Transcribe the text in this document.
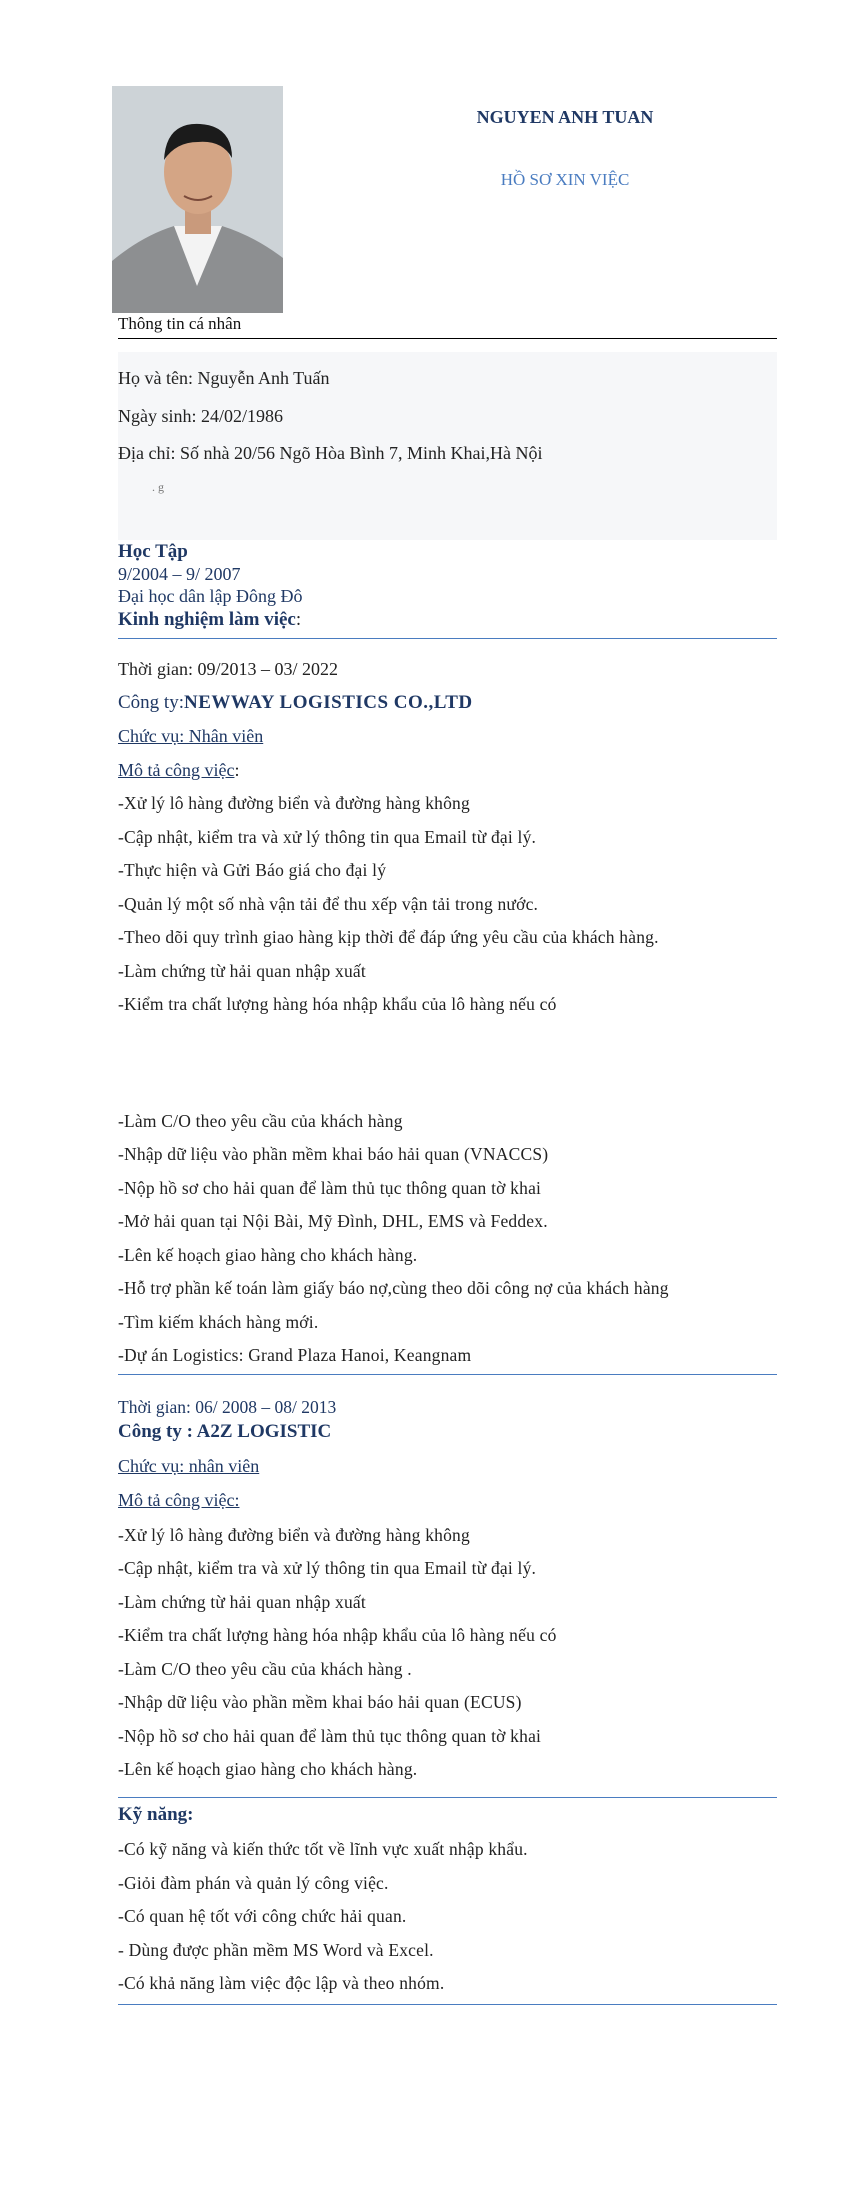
NGUYEN ANH TUAN
HỒ SƠ XIN VIỆC
Thông tin cá nhân
Họ và tên: Nguyễn Anh Tuấn
Ngày sinh: 24/02/1986
Địa chỉ: Số nhà 20/56 Ngõ Hòa Bình 7, Minh Khai,Hà Nội
. g
Học Tập
9/2004 – 9/ 2007
Đại học dân lập Đông Đô
Kinh nghiệm làm việc:
Thời gian: 09/2013 – 03/ 2022
Công ty:NEWWAY LOGISTICS CO.,LTD
Chức vụ: Nhân viên
Mô tả công việc:
-Xử lý lô hàng đường biển và đường hàng không
-Cập nhật, kiểm tra và xử lý thông tin qua Email từ đại lý.
-Thực hiện và Gửi Báo giá cho đại lý
-Quản lý một số nhà vận tải để thu xếp vận tải trong nước.
-Theo dõi quy trình giao hàng kịp thời để đáp ứng yêu cầu của khách hàng.
-Làm chứng từ hải quan nhập xuất
-Kiểm tra chất lượng hàng hóa nhập khẩu của lô hàng nếu có
-Làm C/O theo yêu cầu của khách hàng
-Nhập dữ liệu vào phần mềm khai báo hải quan (VNACCS)
-Nộp hồ sơ cho hải quan để làm thủ tục thông quan tờ khai
-Mở hải quan tại Nội Bài, Mỹ Đình, DHL, EMS và Feddex.
-Lên kế hoạch giao hàng cho khách hàng.
-Hỗ trợ phần kế toán làm giấy báo nợ,cùng theo dõi công nợ của khách hàng
-Tìm kiếm khách hàng mới.
-Dự án Logistics: Grand Plaza Hanoi, Keangnam
Thời gian: 06/ 2008 – 08/ 2013
Công ty : A2Z LOGISTIC
Chức vụ: nhân viên
Mô tả công việc:
-Xử lý lô hàng đường biển và đường hàng không
-Cập nhật, kiểm tra và xử lý thông tin qua Email từ đại lý.
-Làm chứng từ hải quan nhập xuất
-Kiểm tra chất lượng hàng hóa nhập khẩu của lô hàng nếu có
-Làm C/O theo yêu cầu của khách hàng .
-Nhập dữ liệu vào phần mềm khai báo hải quan (ECUS)
-Nộp hồ sơ cho hải quan để làm thủ tục thông quan tờ khai
-Lên kế hoạch giao hàng cho khách hàng.
Kỹ năng:
-Có kỹ năng và kiến thức tốt về lĩnh vực xuất nhập khẩu.
-Giỏi đàm phán và quản lý công việc.
-Có quan hệ tốt với công chức hải quan.
- Dùng được phần mềm MS Word và Excel.
-Có khả năng làm việc độc lập và theo nhóm.
